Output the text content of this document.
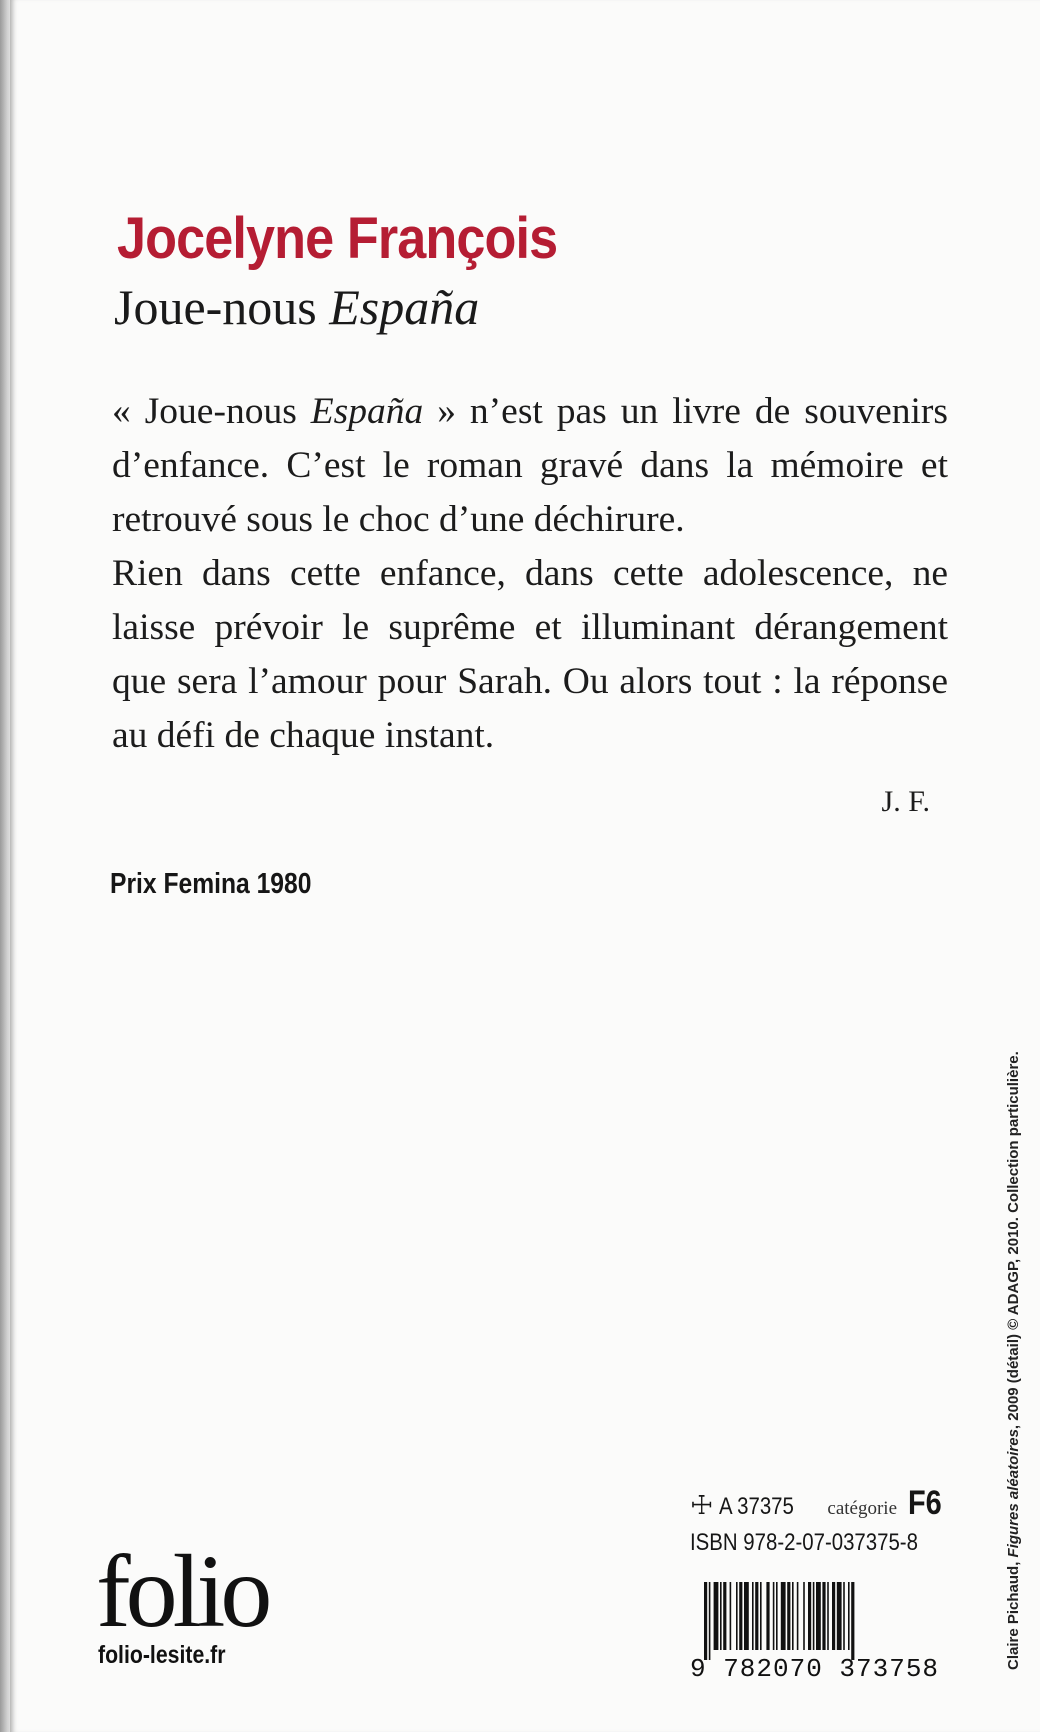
Jocelyne François
Joue-nous España

« Joue-nous España » n’est pas un livre de souvenirs d’enfance. C’est le roman gravé dans la mémoire et retrouvé sous le choc d’une déchirure.

Rien dans cette enfance, dans cette adolescence, ne laisse prévoir le suprême et illuminant dérangement que sera l’amour pour Sarah. Ou alors tout : la réponse au défi de chaque instant.

J. F.
Prix Femina 1980
folio
folio-lesite.fr
☩ A 37375 catégorie F6
ISBN 978-2-07-037375-8
9 782070 373758	Claire Pichaud, Figures aléatoires, 2009 (détail) © ADAGP, 2010. Collection particulière.
